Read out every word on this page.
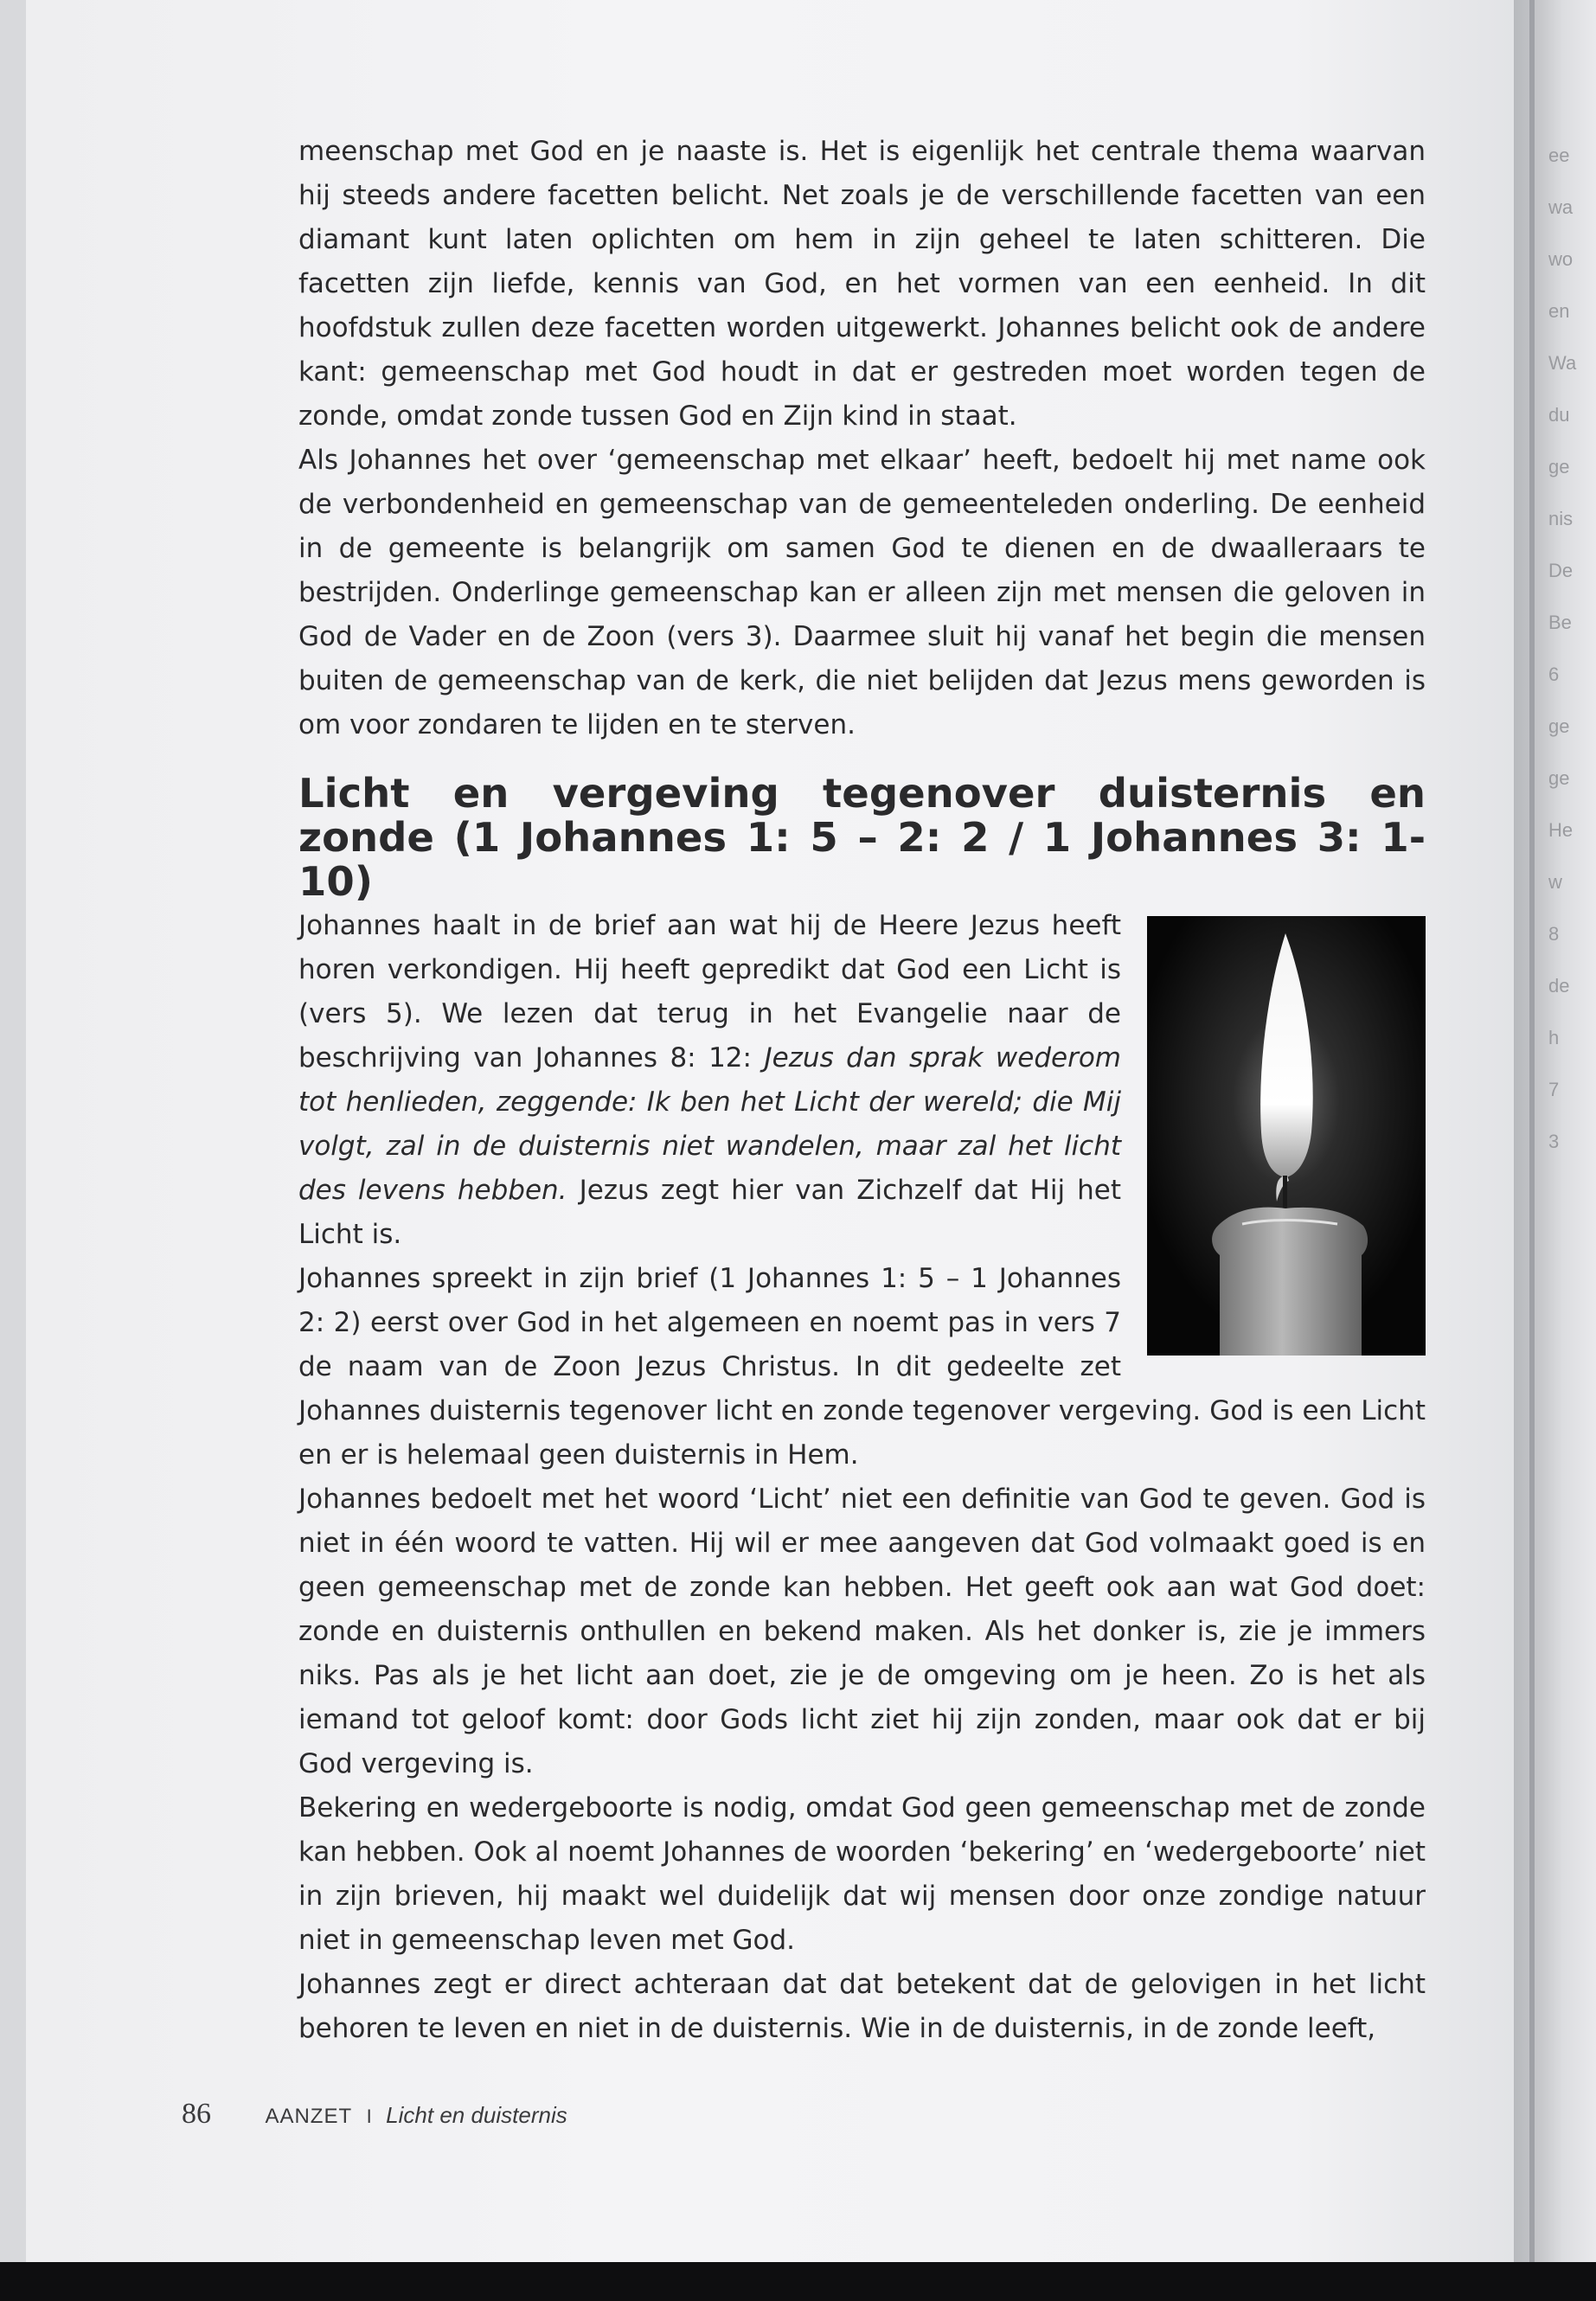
ee
wa
wo
en
Wa
du
ge
nis
De
Be
6
ge
ge
He
w
8
de
h
7
3

meenschap met God en je naaste is. Het is eigenlijk het centrale thema waarvan hij steeds andere facetten belicht. Net zoals je de verschillende facetten van een diamant kunt laten oplichten om hem in zijn geheel te laten schitteren. Die facetten zijn liefde, kennis van God, en het vormen van een eenheid. In dit hoofdstuk zullen deze facetten worden uitgewerkt. Johannes belicht ook de andere kant: gemeenschap met God houdt in dat er gestreden moet worden tegen de zonde, omdat zonde tussen God en Zijn kind in staat.

Als Johannes het over ‘gemeenschap met elkaar’ heeft, bedoelt hij met name ook de verbondenheid en gemeenschap van de gemeenteleden onderling. De eenheid in de gemeente is belangrijk om samen God te dienen en de dwaalleraars te bestrijden. Onderlinge gemeenschap kan er alleen zijn met mensen die geloven in God de Vader en de Zoon (vers 3). Daarmee sluit hij vanaf het begin die mensen buiten de gemeenschap van de kerk, die niet belijden dat Jezus mens geworden is om voor zondaren te lijden en te sterven.

Licht en vergeving tegenover duisternis en zonde (1 Johannes 1: 5 – 2: 2 / 1 Johannes 3: 1-10)

Johannes haalt in de brief aan wat hij de Heere Jezus heeft horen verkondigen. Hij heeft gepredikt dat God een Licht is (vers 5). We lezen dat terug in het Evangelie naar de beschrijving van Johannes 8: 12: Jezus dan sprak wederom tot henlieden, zeggende: Ik ben het Licht der wereld; die Mij volgt, zal in de duisternis niet wandelen, maar zal het licht des levens hebben. Jezus zegt hier van Zichzelf dat Hij het Licht is.

Johannes spreekt in zijn brief (1 Johannes 1: 5 – 1 Johannes 2: 2) eerst over God in het algemeen en noemt pas in vers 7 de naam van de Zoon Jezus Christus. In dit gedeelte zet Johannes duisternis tegenover licht en zonde tegenover vergeving. God is een Licht en er is helemaal geen duisternis in Hem.

Johannes bedoelt met het woord ‘Licht’ niet een definitie van God te geven. God is niet in één woord te vatten. Hij wil er mee aangeven dat God volmaakt goed is en geen gemeenschap met de zonde kan hebben. Het geeft ook aan wat God doet: zonde en duisternis onthullen en bekend maken. Als het donker is, zie je immers niks. Pas als je het licht aan doet, zie je de omgeving om je heen. Zo is het als iemand tot geloof komt: door Gods licht ziet hij zijn zonden, maar ook dat er bij God vergeving is.

Bekering en wedergeboorte is nodig, omdat God geen gemeenschap met de zonde kan hebben. Ook al noemt Johannes de woorden ‘bekering’ en ‘wedergeboorte’ niet in zijn brieven, hij maakt wel duidelijk dat wij mensen door onze zondige natuur niet in gemeenschap leven met God.

Johannes zegt er direct achteraan dat dat betekent dat de gelovigen in het licht behoren te leven en niet in de duisternis. Wie in de duisternis, in de zonde leeft,

86	AANZET I Licht en duisternis
